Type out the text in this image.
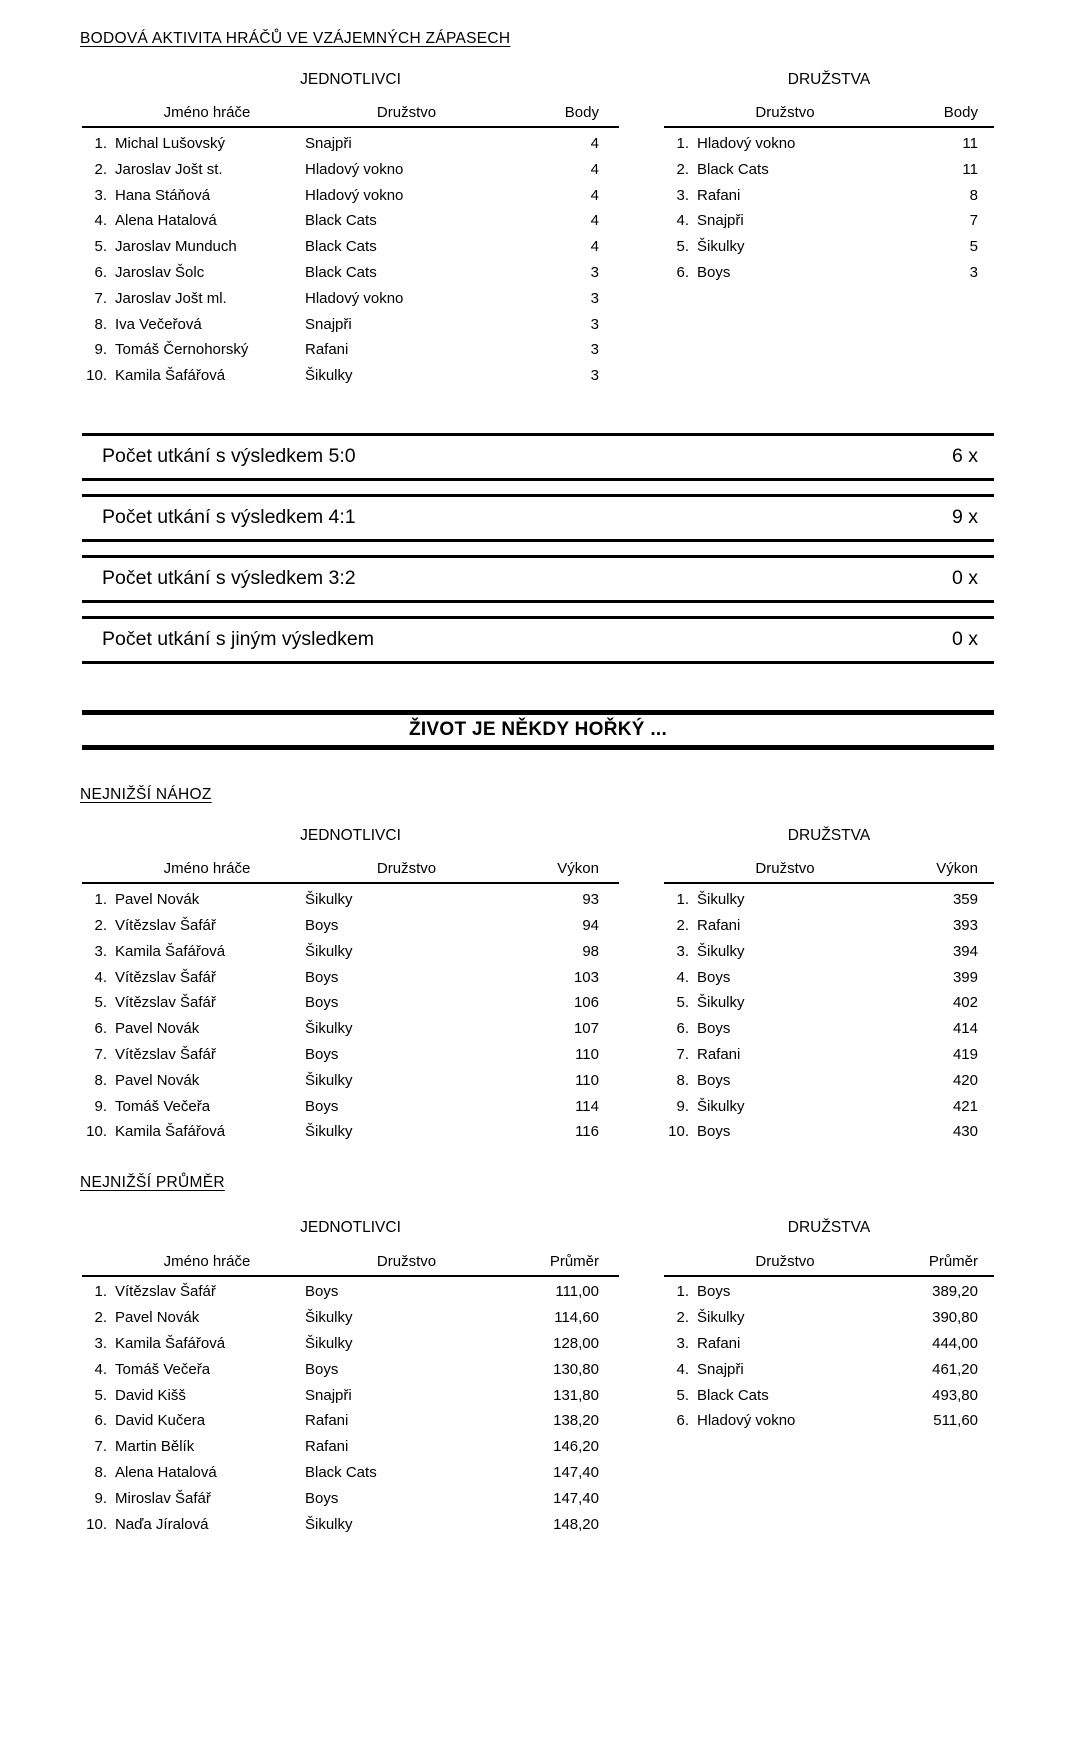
BODOVÁ AKTIVITA HRÁČŮ VE VZÁJEMNÝCH ZÁPASECH
JEDNOTLIVCI
Jméno hráče	Družstvo	Body
1. Michal Lušovský	Snajpři	4
2. Jaroslav Jošt st.	Hladový vokno	4
3. Hana Stáňová	Hladový vokno	4
4. Alena Hatalová	Black Cats	4
5. Jaroslav Munduch	Black Cats	4
6. Jaroslav Šolc	Black Cats	3
7. Jaroslav Jošt ml.	Hladový vokno	3
8. Iva Večeřová	Snajpři	3
9. Tomáš Černohorský	Rafani	3
10. Kamila Šafářová	Šikulky	3
DRUŽSTVA
Družstvo	Body
1. Hladový vokno	11
2. Black Cats	11
3. Rafani	8
4. Snajpři	7
5. Šikulky	5
6. Boys	3
Počet utkání s výsledkem 5:0	6 x
Počet utkání s výsledkem 4:1	9 x
Počet utkání s výsledkem 3:2	0 x
Počet utkání s jiným výsledkem	0 x
ŽIVOT JE NĚKDY HOŘKÝ ...
NEJNIŽŠÍ NÁHOZ
JEDNOTLIVCI
Jméno hráče	Družstvo	Výkon
1. Pavel Novák	Šikulky	93
2. Vítězslav Šafář	Boys	94
3. Kamila Šafářová	Šikulky	98
4. Vítězslav Šafář	Boys	103
5. Vítězslav Šafář	Boys	106
6. Pavel Novák	Šikulky	107
7. Vítězslav Šafář	Boys	110
8. Pavel Novák	Šikulky	110
9. Tomáš Večeřa	Boys	114
10. Kamila Šafářová	Šikulky	116
DRUŽSTVA
Družstvo	Výkon
1. Šikulky	359
2. Rafani	393
3. Šikulky	394
4. Boys	399
5. Šikulky	402
6. Boys	414
7. Rafani	419
8. Boys	420
9. Šikulky	421
10. Boys	430
NEJNIŽŠÍ PRŮMĚR
JEDNOTLIVCI
Jméno hráče	Družstvo	Průměr
1. Vítězslav Šafář	Boys	111,00
2. Pavel Novák	Šikulky	114,60
3. Kamila Šafářová	Šikulky	128,00
4. Tomáš Večeřa	Boys	130,80
5. David Kišš	Snajpři	131,80
6. David Kučera	Rafani	138,20
7. Martin Bělík	Rafani	146,20
8. Alena Hatalová	Black Cats	147,40
9. Miroslav Šafář	Boys	147,40
10. Naďa Jíralová	Šikulky	148,20
DRUŽSTVA
Družstvo	Průměr
1. Boys	389,20
2. Šikulky	390,80
3. Rafani	444,00
4. Snajpři	461,20
5. Black Cats	493,80
6. Hladový vokno	511,60
